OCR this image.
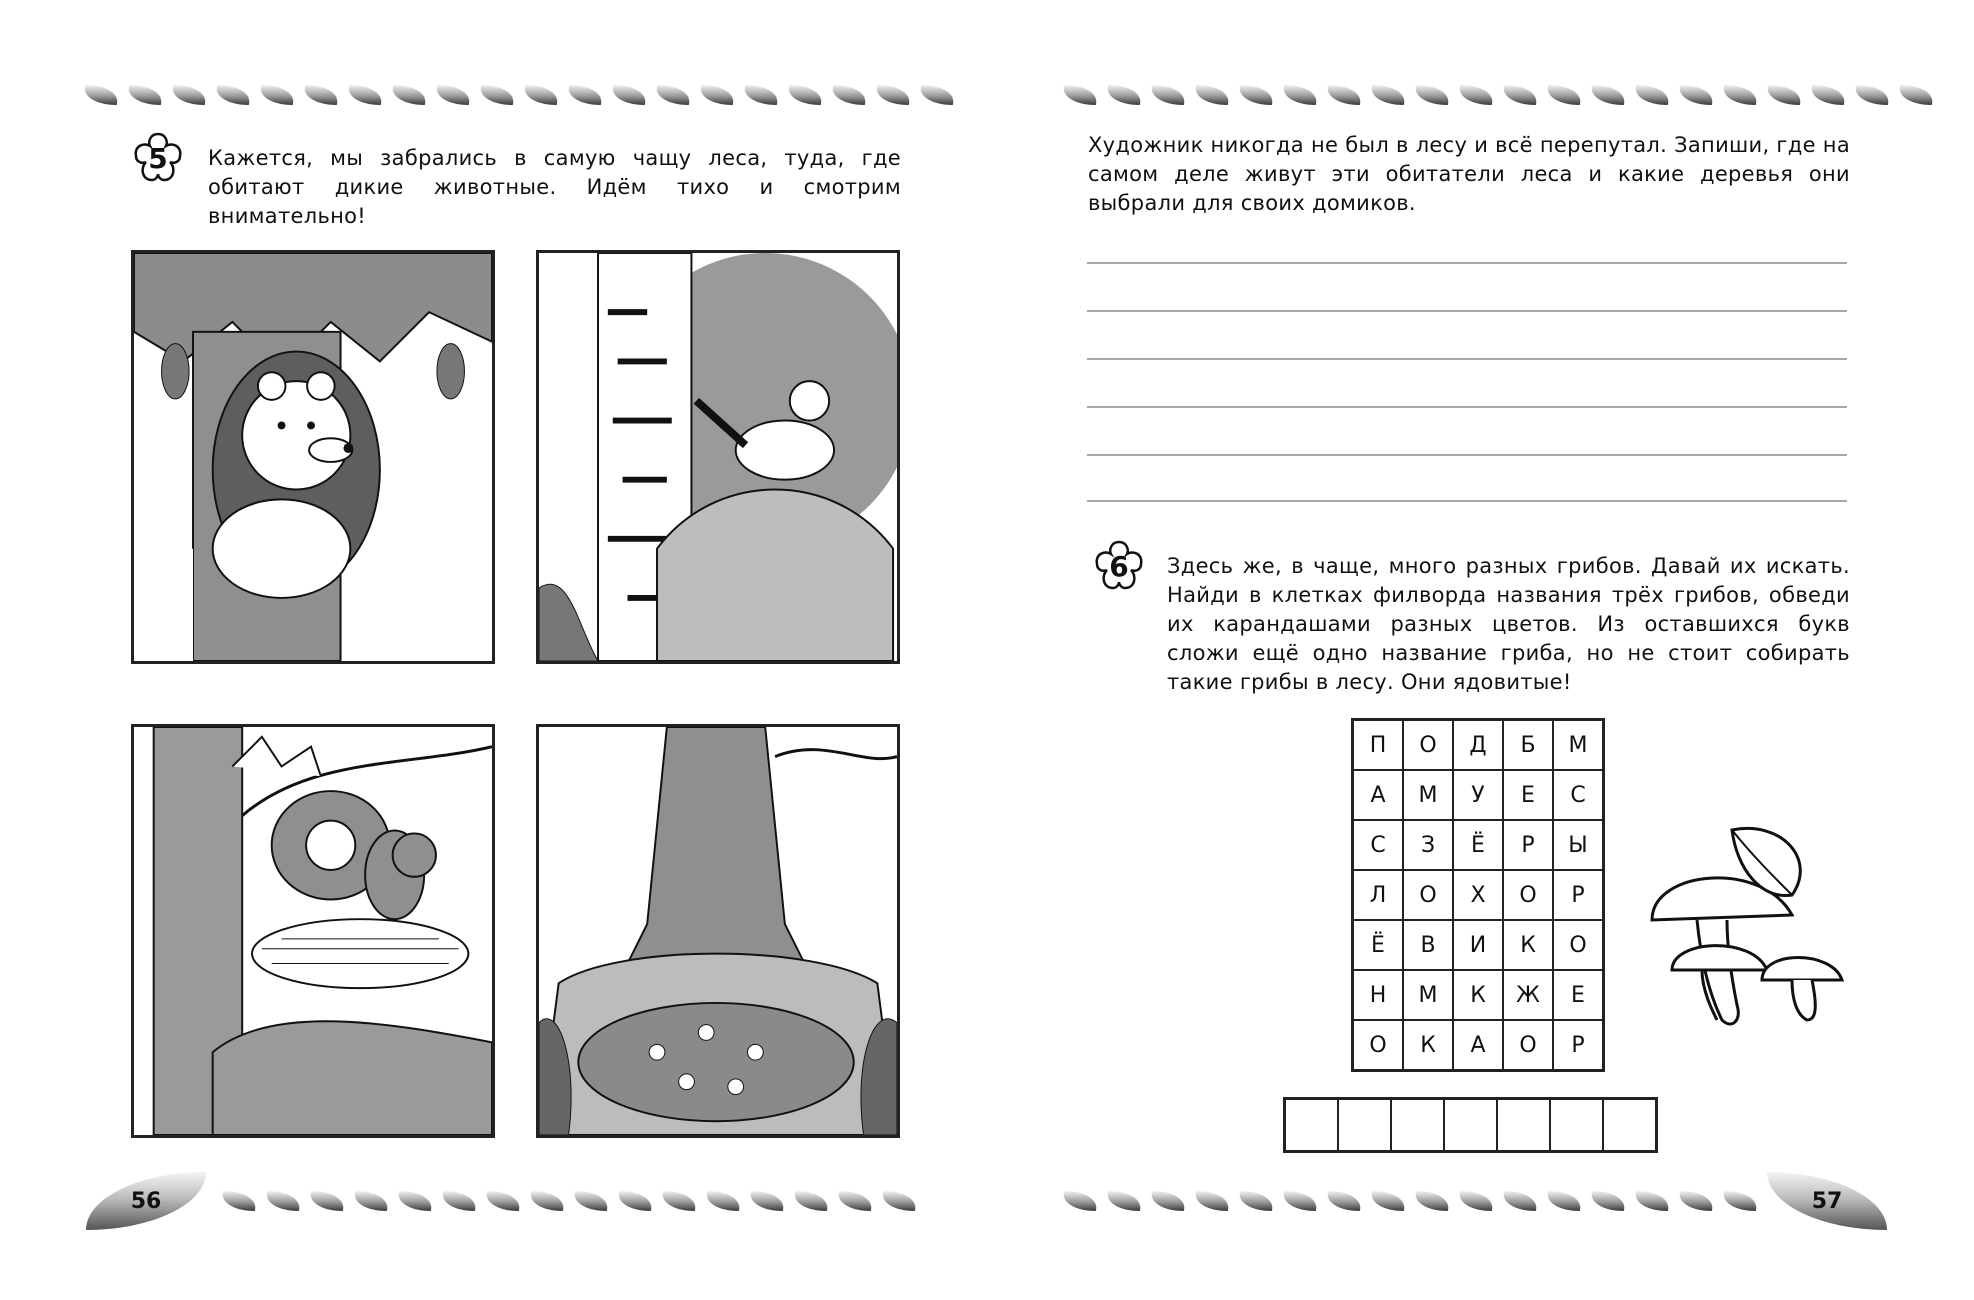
5 Кажется, мы забрались в самую чащу леса, туда, где обитают дикие животные. Идём тихо и смотрим внимательно!
56
Художник никогда не был в лесу и всё перепутал. Запиши, где на самом деле живут эти обитатели леса и какие деревья они выбрали для своих домиков.
6 Здесь же, в чаще, много разных грибов. Давай их искать. Найди в клетках филворда названия трёх грибов, обведи их карандашами разных цветов. Из оставшихся букв сложи ещё одно название гриба, но не стоит собирать такие грибы в лесу. Они ядовитые!
П	О	Д	Б	М
А	М	У	Е	С
С	З	Ё	Р	Ы
Л	О	Х	О	Р
Ё	В	И	К	О
Н	М	К	Ж	Е
О	К	А	О	Р
57
